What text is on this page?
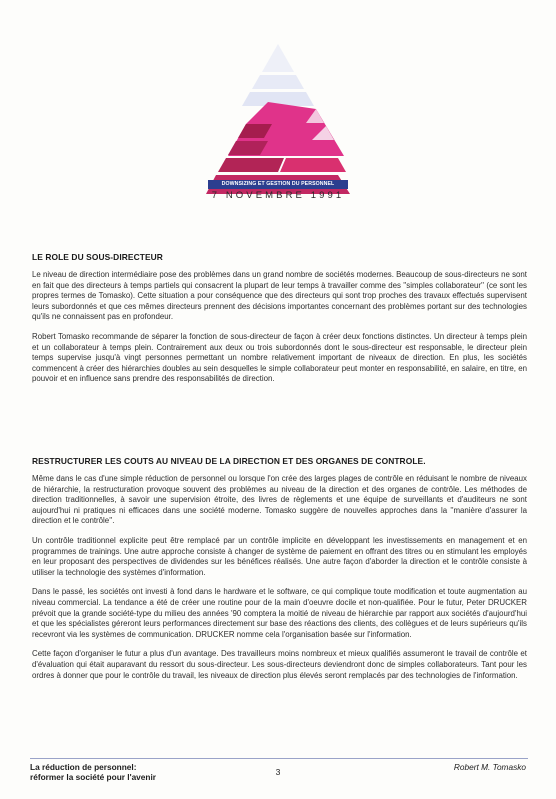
DOWNSIZING ET GESTION DU PERSONNEL
7 NOVEMBRE 1991
LE ROLE DU SOUS-DIRECTEUR

Le niveau de direction intermédiaire pose des problèmes dans un grand nombre de sociétés modernes. Beaucoup de sous-directeurs ne sont en fait que des directeurs à temps partiels qui consacrent la plupart de leur temps à travailler comme des ''simples collaborateur'' (ce sont les propres termes de Tomasko). Cette situation a pour conséquence que des directeurs qui sont trop proches des travaux effectués supervisent leurs subordonnés et que ces mêmes directeurs prennent des décisions importantes concernant des problèmes portant sur des technologies qu'ils ne connaissent pas en profondeur.

Robert Tomasko recommande de séparer la fonction de sous-directeur de façon à créer deux fonctions distinctes. Un directeur à temps plein et un collaborateur à temps plein. Contrairement aux deux ou trois subordonnés dont le sous-directeur est responsable, le directeur plein temps supervise jusqu'à vingt personnes permettant un nombre relativement important de niveaux de direction. En plus, les sociétés commencent à créer des hiérarchies doubles au sein desquelles le simple collaborateur peut monter en responsabilité, en salaire, en titre, en pouvoir et en influence sans prendre des responsabilités de direction.

RESTRUCTURER LES COUTS AU NIVEAU DE LA DIRECTION ET DES ORGANES DE CONTROLE.

Même dans le cas d'une simple réduction de personnel ou lorsque l'on crée des larges plages de contrôle en réduisant le nombre de niveaux de hiérarchie, la restructuration provoque souvent des problèmes au niveau de la direction et des organes de contrôle. Les méthodes de direction traditionnelles, à savoir une supervision étroite, des livres de règlements et une équipe de surveillants et d'auditeurs ne sont aujourd'hui ni pratiques ni efficaces dans une société moderne. Tomasko suggère de nouvelles approches dans la ''manière d'assurer la direction et le contrôle''.

Un contrôle traditionnel explicite peut être remplacé par un contrôle implicite en développant les investissements en management et en programmes de trainings. Une autre approche consiste à changer de système de paiement en offrant des titres ou en stimulant les employés en leur proposant des perspectives de dividendes sur les bénéfices réalisés. Une autre façon d'aborder la direction et le contrôle consiste à utiliser la technologie des systèmes d'information.

Dans le passé, les sociétés ont investi à fond dans le hardware et le software, ce qui complique toute modification et toute augmentation au niveau commercial. La tendance a été de créer une routine pour de la main d'oeuvre docile et non-qualifiée. Pour le futur, Peter DRUCKER prévoit que la grande société-type du milieu des années '90 comptera la moitié de niveau de hiérarchie par rapport aux sociétés d'aujourd'hui et que les spécialistes géreront leurs performances directement sur base des réactions des clients, des collègues et de leurs supérieurs qu'ils recevront via les systèmes de communication. DRUCKER nomme cela l'organisation basée sur l'information.

Cette façon d'organiser le futur a plus d'un avantage. Des travailleurs moins nombreux et mieux qualifiés assumeront le travail de contrôle et d'évaluation qui était auparavant du ressort du sous-directeur. Les sous-directeurs deviendront donc de simples collaborateurs. Tant pour les ordres à donner que pour le contrôle du travail, les niveaux de direction plus élevés seront remplacés par des technologies de l'information.

La réduction de personnel:
réformer la société pour l'avenir	3	Robert M. Tomasko
